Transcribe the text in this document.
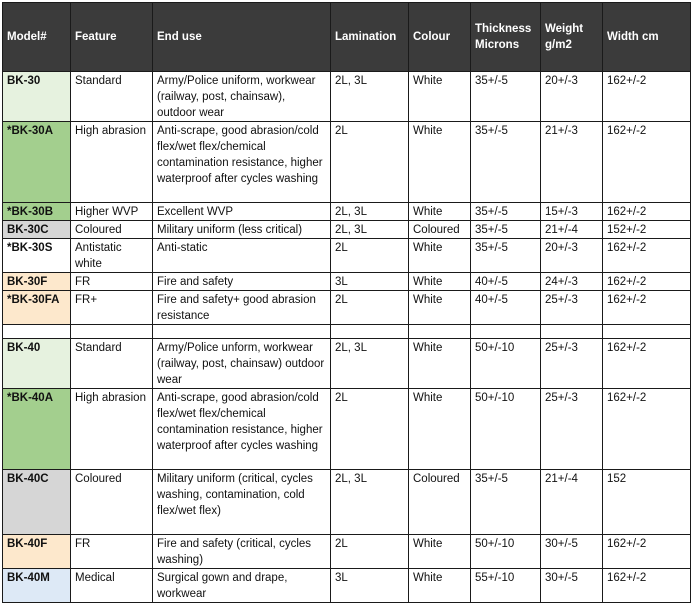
Model#	Feature	End use	Lamination	Colour	Thickness Microns	Weight g/m2	Width cm
BK-30	Standard	Army/Police uniform, workwear (railway, post, chainsaw), outdoor wear	2L, 3L	White	35+/-5	20+/-3	162+/-2
*BK-30A	High abrasion	Anti-scrape, good abrasion/cold flex/wet flex/chemical contamination resistance, higher waterproof after cycles washing	2L	White	35+/-5	21+/-3	162+/-2
*BK-30B	Higher WVP	Excellent WVP	2L, 3L	White	35+/-5	15+/-3	162+/-2
BK-30C	Coloured	Military uniform (less critical)	2L, 3L	Coloured	35+/-5	21+/-4	152+/-2
*BK-30S	Antistatic white	Anti-static	2L	White	35+/-5	20+/-3	162+/-2
BK-30F	FR	Fire and safety	3L	White	40+/-5	24+/-3	162+/-2
*BK-30FA	FR+	Fire and safety+ good abrasion resistance	2L	White	40+/-5	25+/-3	162+/-2

BK-40	Standard	Army/Police unform, workwear (railway, post, chainsaw) outdoor wear	2L, 3L	White	50+/-10	25+/-3	162+/-2
*BK-40A	High abrasion	Anti-scrape, good abrasion/cold flex/wet flex/chemical contamination resistance, higher waterproof after cycles washing	2L	White	50+/-10	25+/-3	162+/-2
BK-40C	Coloured	Military uniform (critical, cycles washing, contamination, cold flex/wet flex)	2L, 3L	Coloured	35+/-5	21+/-4	152
BK-40F	FR	Fire and safety (critical, cycles washing)	2L	White	50+/-10	30+/-5	162+/-2
BK-40M	Medical	Surgical gown and drape, workwear	3L	White	55+/-10	30+/-5	162+/-2
